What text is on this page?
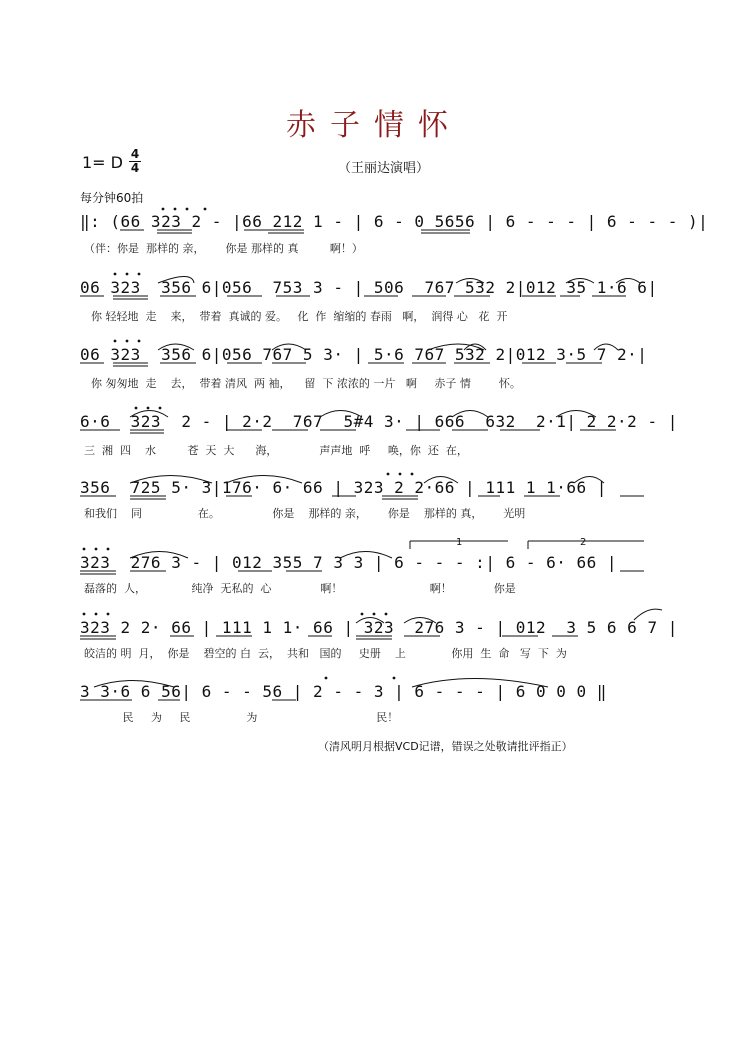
赤子情怀
1= D 4
4	（王丽达演唱）
每分钟60拍
‖: (66 323 2 - |66 212 1 - | 6 - 0 5656 | 6 - - - | 6 - - - )|
（伴：你是  那样的 亲，      你是 那样的 真         啊！）
06 323  356 6|056  753 3 - | 506  767 532 2|012 35 1·6 6|
你 轻轻地  走    来，  带着  真诚的 爱。   化  作  缩缩的 春雨   啊，  润得 心   花  开
06 323  356 6|056 767 5 3· | 5·6 767 532 2|012 3·5 7 2·|
你 匆匆地  走    去，  带着 清风  两 袖，    留  下 浓浓的 一片   啊     赤子 情        怀。
6·6  323  2 - | 2·2  767  5#4 3· | 666  632  2·1| 2 2·2 - |
三  湘  四    水         苍  天  大      海，            声声地  呼     唤，你  还  在，
356  725 5· 3|176· 6· 66 | 323 2 2·66 | 111 1 1·66 |
和我们    同                在。               你是    那样的 亲，      你是    那样的 真，      光明
323  276 3 - | 012 355 7 3 3 | 6 - - - :| 6 - 6· 66 |
磊落的  人，             纯净  无私的  心              啊！                         啊！            你是
323 2 2· 66 | 111 1 1· 66 | 323  276 3 - | 012  3 5 6 6 7 |
皎洁的 明  月，  你是    碧空的 白  云，  共和   国的     史册    上             你用  生  命   写  下  为
3 3·6 6 56| 6 - - 56 | 2 - - 3 | 6 - - - | 6 0 0 0 ‖
民     为     民                为                                  民！
（清风明月根据VCD记谱，错误之处敬请批评指正）
1	2
